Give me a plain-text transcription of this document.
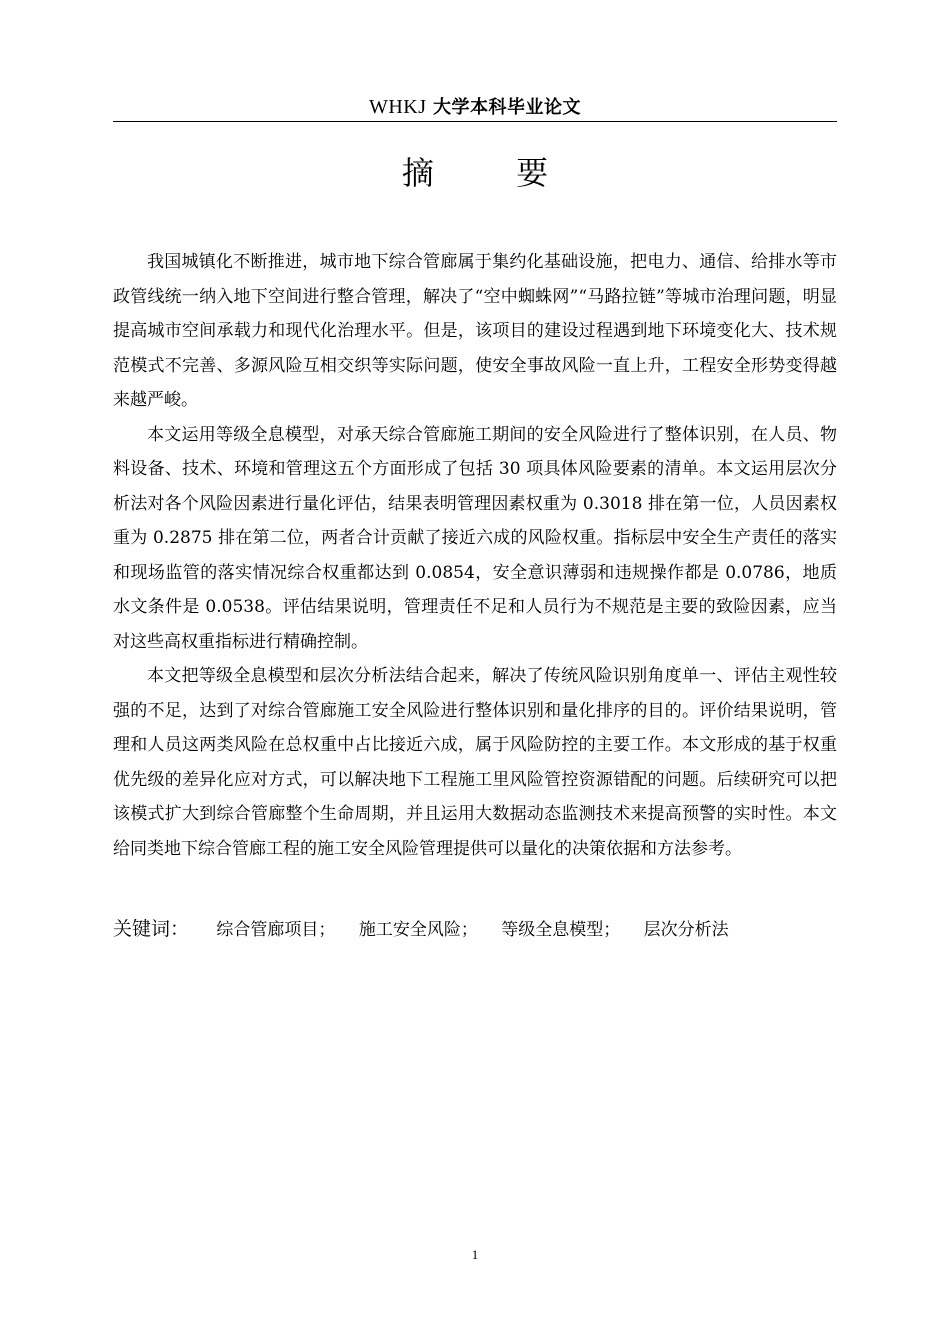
WHKJ 大学本科毕业论文
摘 要

我国城镇化不断推进，城市地下综合管廊属于集约化基础设施，把电力、通信、给排水等市政管线统一纳入地下空间进行整合管理，解决了“空中蜘蛛网”“马路拉链”等城市治理问题，明显提高城市空间承载力和现代化治理水平。但是，该项目的建设过程遇到地下环境变化大、技术规范模式不完善、多源风险互相交织等实际问题，使安全事故风险一直上升，工程安全形势变得越来越严峻。

本文运用等级全息模型，对承天综合管廊施工期间的安全风险进行了整体识别，在人员、物料设备、技术、环境和管理这五个方面形成了包括 30 项具体风险要素的清单。本文运用层次分析法对各个风险因素进行量化评估，结果表明管理因素权重为 0.3018 排在第一位，人员因素权重为 0.2875 排在第二位，两者合计贡献了接近六成的风险权重。指标层中安全生产责任的落实和现场监管的落实情况综合权重都达到 0.0854，安全意识薄弱和违规操作都是 0.0786，地质水文条件是 0.0538。评估结果说明，管理责任不足和人员行为不规范是主要的致险因素，应当对这些高权重指标进行精确控制。

本文把等级全息模型和层次分析法结合起来，解决了传统风险识别角度单一、评估主观性较强的不足，达到了对综合管廊施工安全风险进行整体识别和量化排序的目的。评价结果说明，管理和人员这两类风险在总权重中占比接近六成，属于风险防控的主要工作。本文形成的基于权重优先级的差异化应对方式，可以解决地下工程施工里风险管控资源错配的问题。后续研究可以把该模式扩大到综合管廊整个生命周期，并且运用大数据动态监测技术来提高预警的实时性。本文给同类地下综合管廊工程的施工安全风险管理提供可以量化的决策依据和方法参考。

关键词： 综合管廊项目； 施工安全风险； 等级全息模型； 层次分析法
1
